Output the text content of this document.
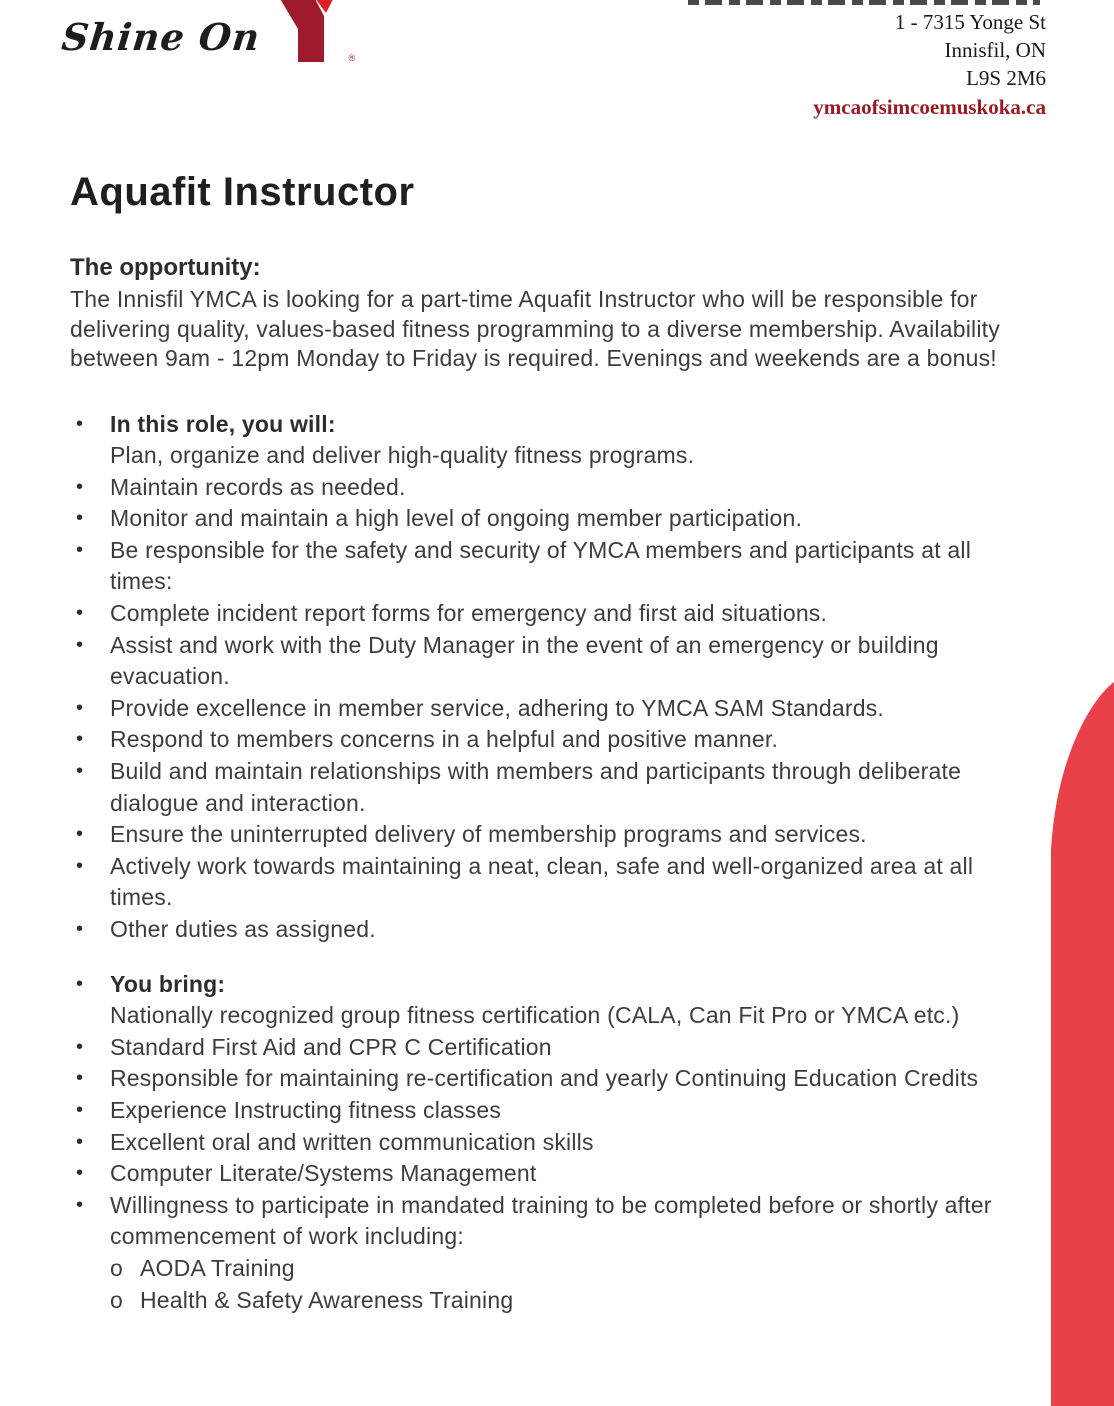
Shine On	®
1 - 7315 Yonge St
Innisfil, ON
L9S 2M6
ymcaofsimcoemuskoka.ca
Aquafit Instructor
The opportunity:

The Innisfil YMCA is looking for a part-time Aquafit Instructor who will be responsible for delivering quality, values-based fitness programming to a diverse membership. Availability between 9am - 12pm Monday to Friday is required. Evenings and weekends are a bonus!

•	In this role, you will:
Plan, organize and deliver high-quality fitness programs.
•	Maintain records as needed.
•	Monitor and maintain a high level of ongoing member participation.
•	Be responsible for the safety and security of YMCA members and participants at all times:
•	Complete incident report forms for emergency and first aid situations.
•	Assist and work with the Duty Manager in the event of an emergency or building evacuation.
•	Provide excellence in member service, adhering to YMCA SAM Standards.
•	Respond to members concerns in a helpful and positive manner.
•	Build and maintain relationships with members and participants through deliberate dialogue and interaction.
•	Ensure the uninterrupted delivery of membership programs and services.
•	Actively work towards maintaining a neat, clean, safe and well-organized area at all times.
•	Other duties as assigned.
•	You bring:
Nationally recognized group fitness certification (CALA, Can Fit Pro or YMCA etc.)
•	Standard First Aid and CPR C Certification
•	Responsible for maintaining re-certification and yearly Continuing Education Credits
•	Experience Instructing fitness classes
•	Excellent oral and written communication skills
•	Computer Literate/Systems Management
•	Willingness to participate in mandated training to be completed before or shortly after commencement of work including:
o AODA Training
o Health & Safety Awareness Training
